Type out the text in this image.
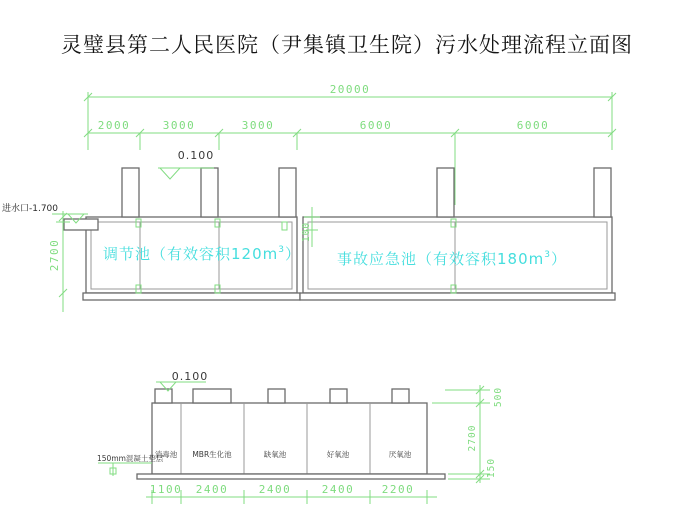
灵璧县第二人民医院（尹集镇卫生院）污水处理流程立面图
20000
2000	3000	3000	6000	6000
0.100
进水口-1.700
2700
100
调节池（有效容积$120m^3$） 事故应急池（有效容积$180m^3$）
0.100
150mm混凝土垫层
消毒池 MBR生化池	缺氧池	好氧池	厌氧池
500
2700
150
1100 2400	2400	2400	2200
